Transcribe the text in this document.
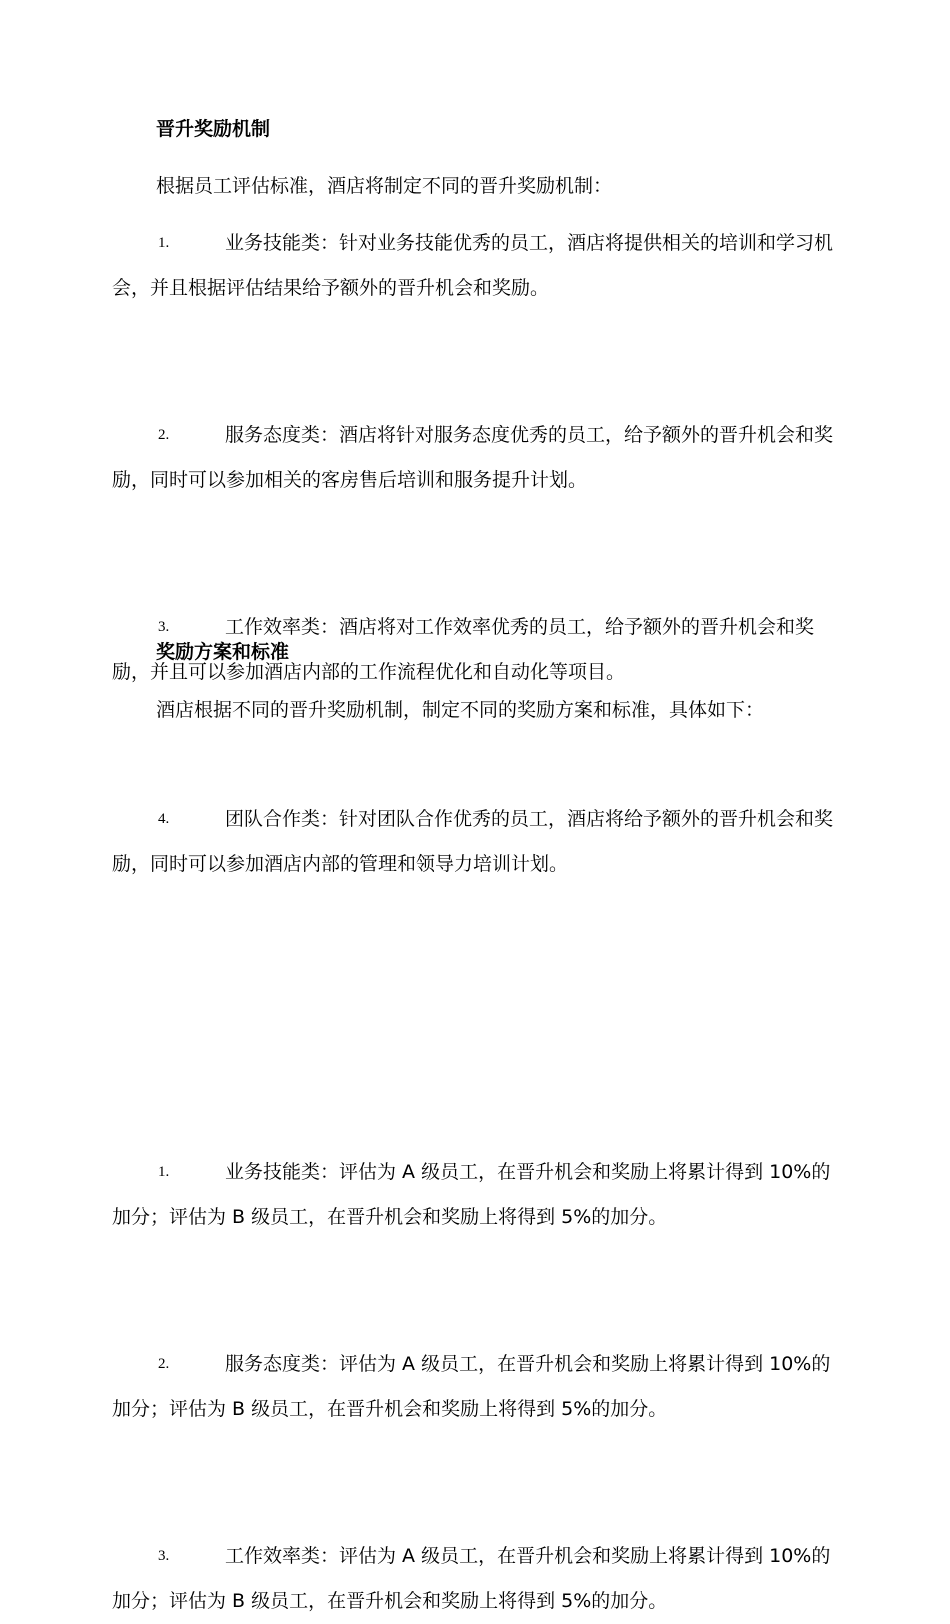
晋升奖励机制
根据员工评估标准，酒店将制定不同的晋升奖励机制：
1.	业务技能类：针对业务技能优秀的员工，酒店将提供相关的培训和学习机会，并且根据评估结果给予额外的晋升机会和奖励。
2.	服务态度类：酒店将针对服务态度优秀的员工，给予额外的晋升机会和奖励，同时可以参加相关的客房售后培训和服务提升计划。
3.	工作效率类：酒店将对工作效率优秀的员工，给予额外的晋升机会和奖励，并且可以参加酒店内部的工作流程优化和自动化等项目。
4.	团队合作类：针对团队合作优秀的员工，酒店将给予额外的晋升机会和奖励，同时可以参加酒店内部的管理和领导力培训计划。
奖励方案和标准
酒店根据不同的晋升奖励机制，制定不同的奖励方案和标准，具体如下：
1.	业务技能类：评估为 A 级员工，在晋升机会和奖励上将累计得到 10%的加分；评估为 B 级员工，在晋升机会和奖励上将得到 5%的加分。
2.	服务态度类：评估为 A 级员工，在晋升机会和奖励上将累计得到 10%的加分；评估为 B 级员工，在晋升机会和奖励上将得到 5%的加分。
3.	工作效率类：评估为 A 级员工，在晋升机会和奖励上将累计得到 10%的加分；评估为 B 级员工，在晋升机会和奖励上将得到 5%的加分。
